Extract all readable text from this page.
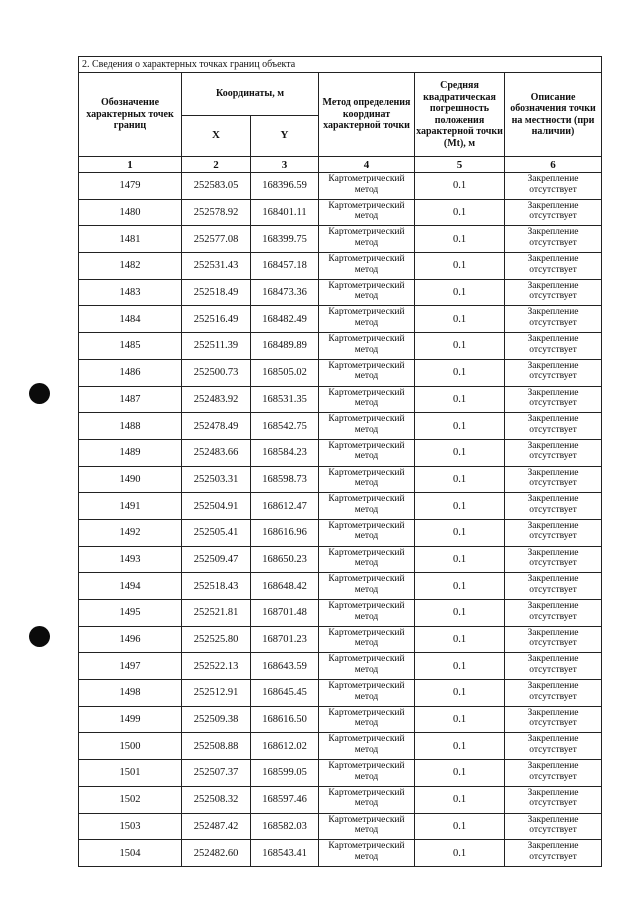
2. Сведения о характерных точках границ объекта					
Обозначение характерных точек границ	Координаты, м		Метод определения координат характерной точки	Средняя квадратическая погрешность положения характерной точки (Mt), м	Описание обозначения точки на местности (при наличии)
	X	Y			
1	2	3	4	5	6
1479	252583.05	168396.59	Картометрический метод	0.1	Закрепление отсутствует
1480	252578.92	168401.11	Картометрический метод	0.1	Закрепление отсутствует
1481	252577.08	168399.75	Картометрический метод	0.1	Закрепление отсутствует
1482	252531.43	168457.18	Картометрический метод	0.1	Закрепление отсутствует
1483	252518.49	168473.36	Картометрический метод	0.1	Закрепление отсутствует
1484	252516.49	168482.49	Картометрический метод	0.1	Закрепление отсутствует
1485	252511.39	168489.89	Картометрический метод	0.1	Закрепление отсутствует
1486	252500.73	168505.02	Картометрический метод	0.1	Закрепление отсутствует
1487	252483.92	168531.35	Картометрический метод	0.1	Закрепление отсутствует
1488	252478.49	168542.75	Картометрический метод	0.1	Закрепление отсутствует
1489	252483.66	168584.23	Картометрический метод	0.1	Закрепление отсутствует
1490	252503.31	168598.73	Картометрический метод	0.1	Закрепление отсутствует
1491	252504.91	168612.47	Картометрический метод	0.1	Закрепление отсутствует
1492	252505.41	168616.96	Картометрический метод	0.1	Закрепление отсутствует
1493	252509.47	168650.23	Картометрический метод	0.1	Закрепление отсутствует
1494	252518.43	168648.42	Картометрический метод	0.1	Закрепление отсутствует
1495	252521.81	168701.48	Картометрический метод	0.1	Закрепление отсутствует
1496	252525.80	168701.23	Картометрический метод	0.1	Закрепление отсутствует
1497	252522.13	168643.59	Картометрический метод	0.1	Закрепление отсутствует
1498	252512.91	168645.45	Картометрический метод	0.1	Закрепление отсутствует
1499	252509.38	168616.50	Картометрический метод	0.1	Закрепление отсутствует
1500	252508.88	168612.02	Картометрический метод	0.1	Закрепление отсутствует
1501	252507.37	168599.05	Картометрический метод	0.1	Закрепление отсутствует
1502	252508.32	168597.46	Картометрический метод	0.1	Закрепление отсутствует
1503	252487.42	168582.03	Картометрический метод	0.1	Закрепление отсутствует
1504	252482.60	168543.41	Картометрический метод	0.1	Закрепление отсутствует
